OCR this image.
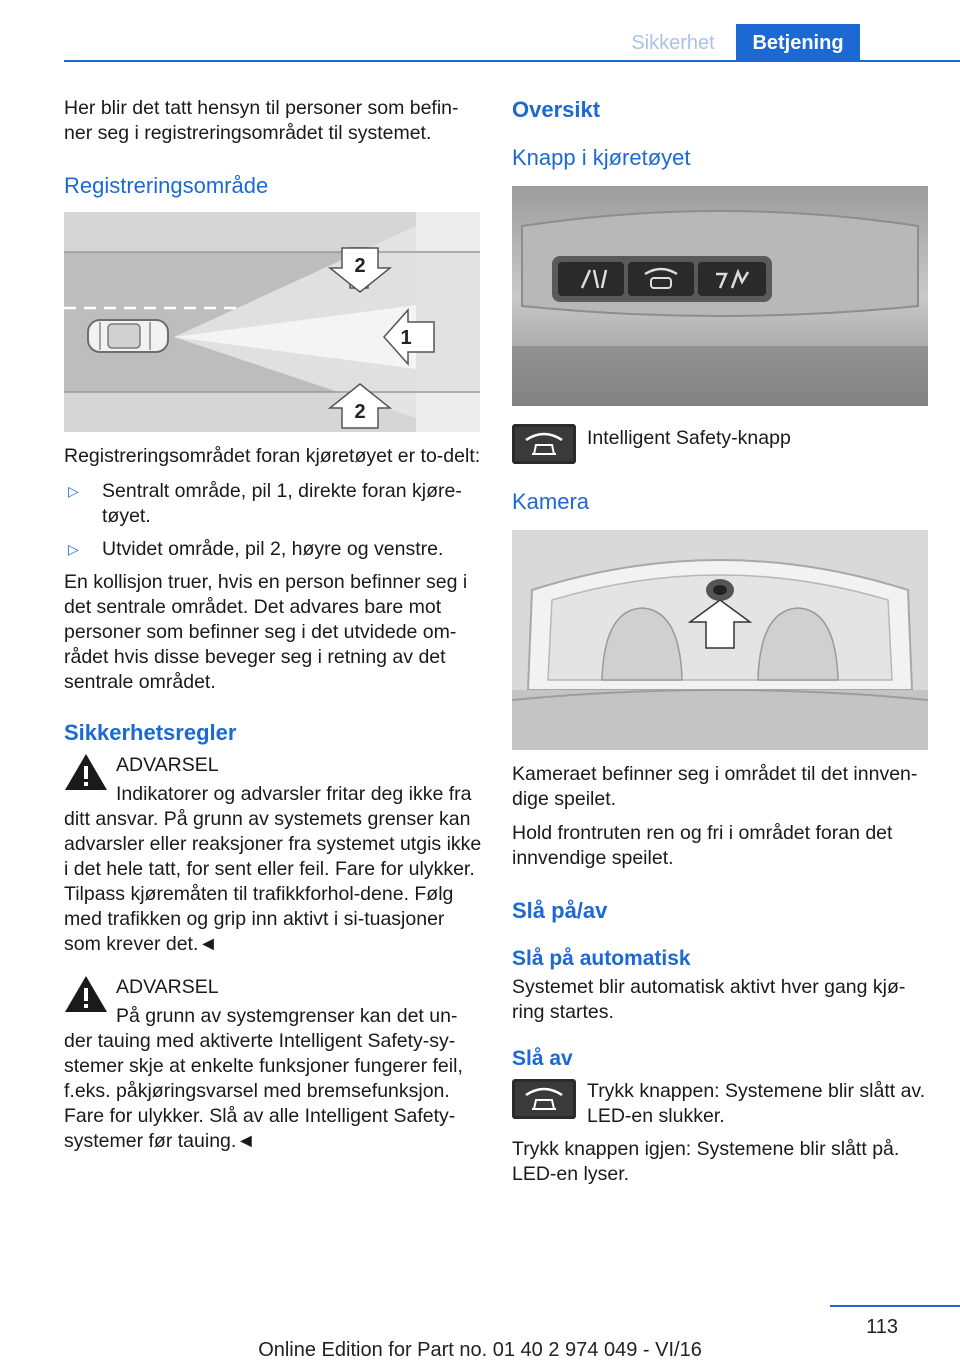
Sikkerhet	Betjening

Her blir det tatt hensyn til personer som befin-ner seg i registreringsområdet til systemet.

Registreringsområde
2
1
2

Registreringsområdet foran kjøretøyet er to-delt:

▷	Sentralt område, pil 1, direkte foran kjøre-tøyet.

▷	Utvidet område, pil 2, høyre og venstre.

En kollisjon truer, hvis en person befinner seg i det sentrale området. Det advares bare mot personer som befinner seg i det utvidede om-rådet hvis disse beveger seg i retning av det sentrale området.

Sikkerhetsregler

ADVARSEL

Indikatorer og advarsler fritar deg ikke fra

ditt ansvar. På grunn av systemets grenser kan advarsler eller reaksjoner fra systemet utgis ikke i det hele tatt, for sent eller feil. Fare for ulykker. Tilpass kjøremåten til trafikkforhol-dene. Følg med trafikken og grip inn aktivt i si-tuasjoner som krever det.◄

ADVARSEL

På grunn av systemgrenser kan det un-

der tauing med aktiverte Intelligent Safety-sy-stemer skje at enkelte funksjoner fungerer feil, f.eks. påkjøringsvarsel med bremsefunksjon. Fare for ulykker. Slå av alle Intelligent Safety-systemer før tauing.◄

Oversikt
Knapp i kjøretøyet

Intelligent Safety-knapp

Kamera

Kameraet befinner seg i området til det innven-dige speilet.

Hold frontruten ren og fri i området foran det innvendige speilet.

Slå på/av
Slå på automatisk

Systemet blir automatisk aktivt hver gang kjø-ring startes.

Slå av

Trykk knappen: Systemene blir slått av. LED-en slukker.

Trykk knappen igjen: Systemene blir slått på. LED-en lyser.

113
Online Edition for Part no. 01 40 2 974 049 - VI/16
